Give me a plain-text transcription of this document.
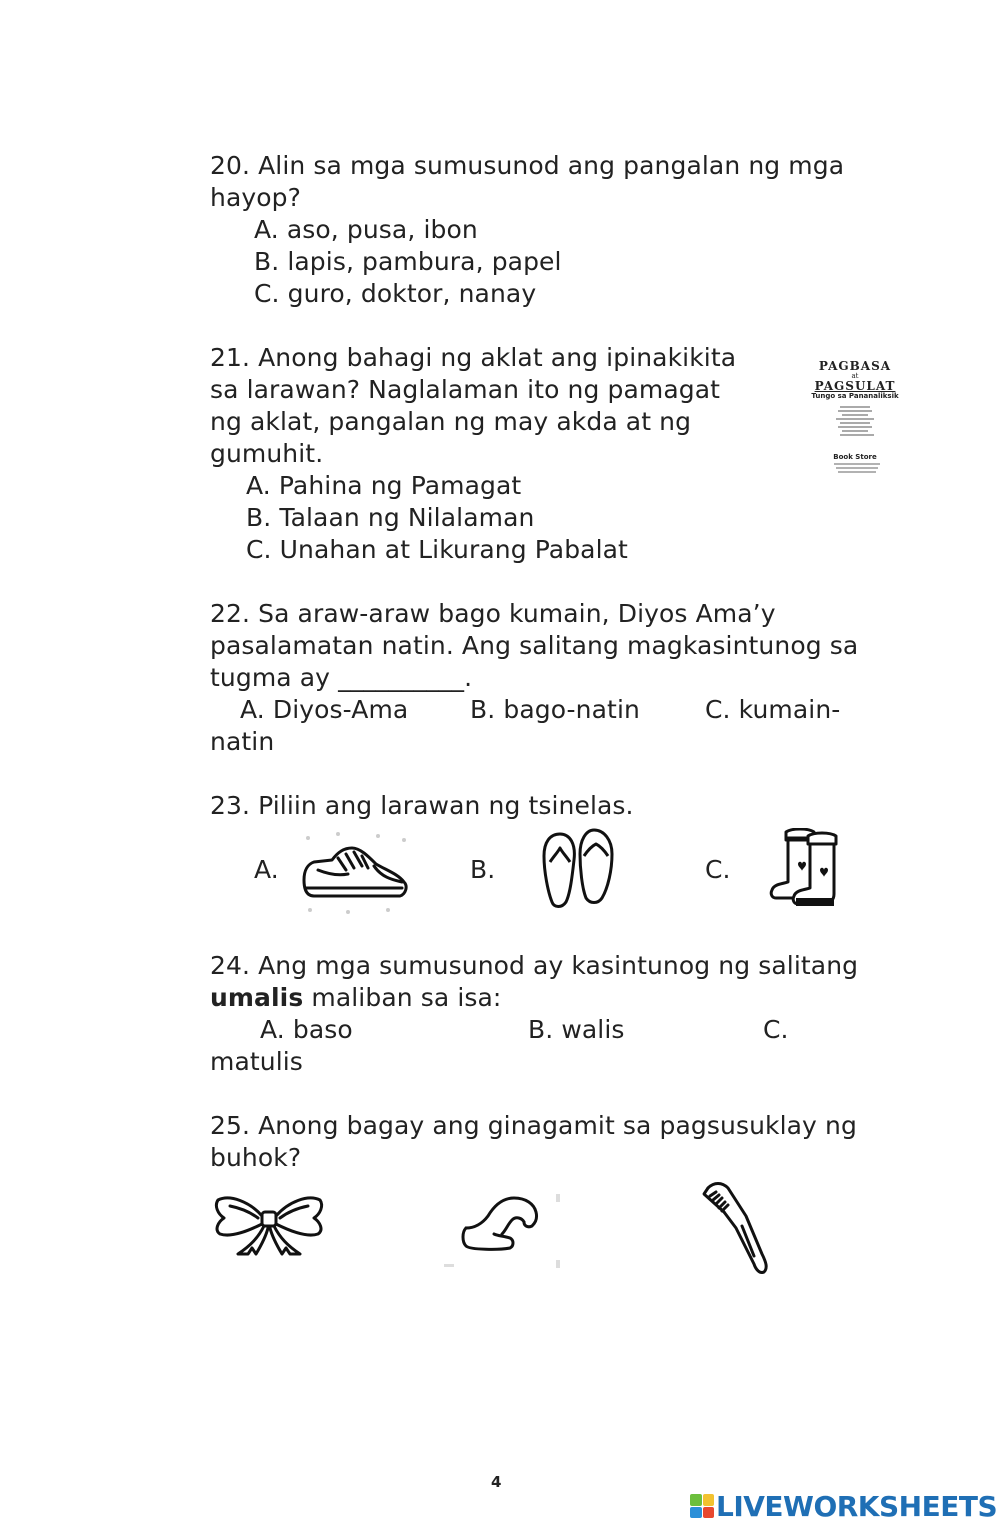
20. Alin sa mga sumusunod ang pangalan ng mga
hayop?
A. aso, pusa, ibon
B. lapis, pambura, papel
C. guro, doktor, nanay
21. Anong bahagi ng aklat ang ipinakikita
sa larawan? Naglalaman ito ng pamagat
ng aklat, pangalan ng may akda at ng
gumuhit.
A. Pahina ng Pamagat
B. Talaan ng Nilalaman
C. Unahan at Likurang Pabalat
PAGBASA
at
PAGSULAT
Tungo sa Pananaliksik
Book Store
22. Sa araw-araw bago kumain, Diyos Ama’y
pasalamatan natin. Ang salitang magkasintunog sa
tugma ay __________.
A. Diyos-Ama B. bago-natin	C. kumain-
natin
23. Piliin ang larawan ng tsinelas.
A.	B.	C.
24. Ang mga sumusunod ay kasintunog ng salitang
umalis maliban sa isa:
A. baso	B. walis	C.
matulis
25. Anong bagay ang ginagamit sa pagsusuklay ng
buhok?
4
LIVEWORKSHEETS
